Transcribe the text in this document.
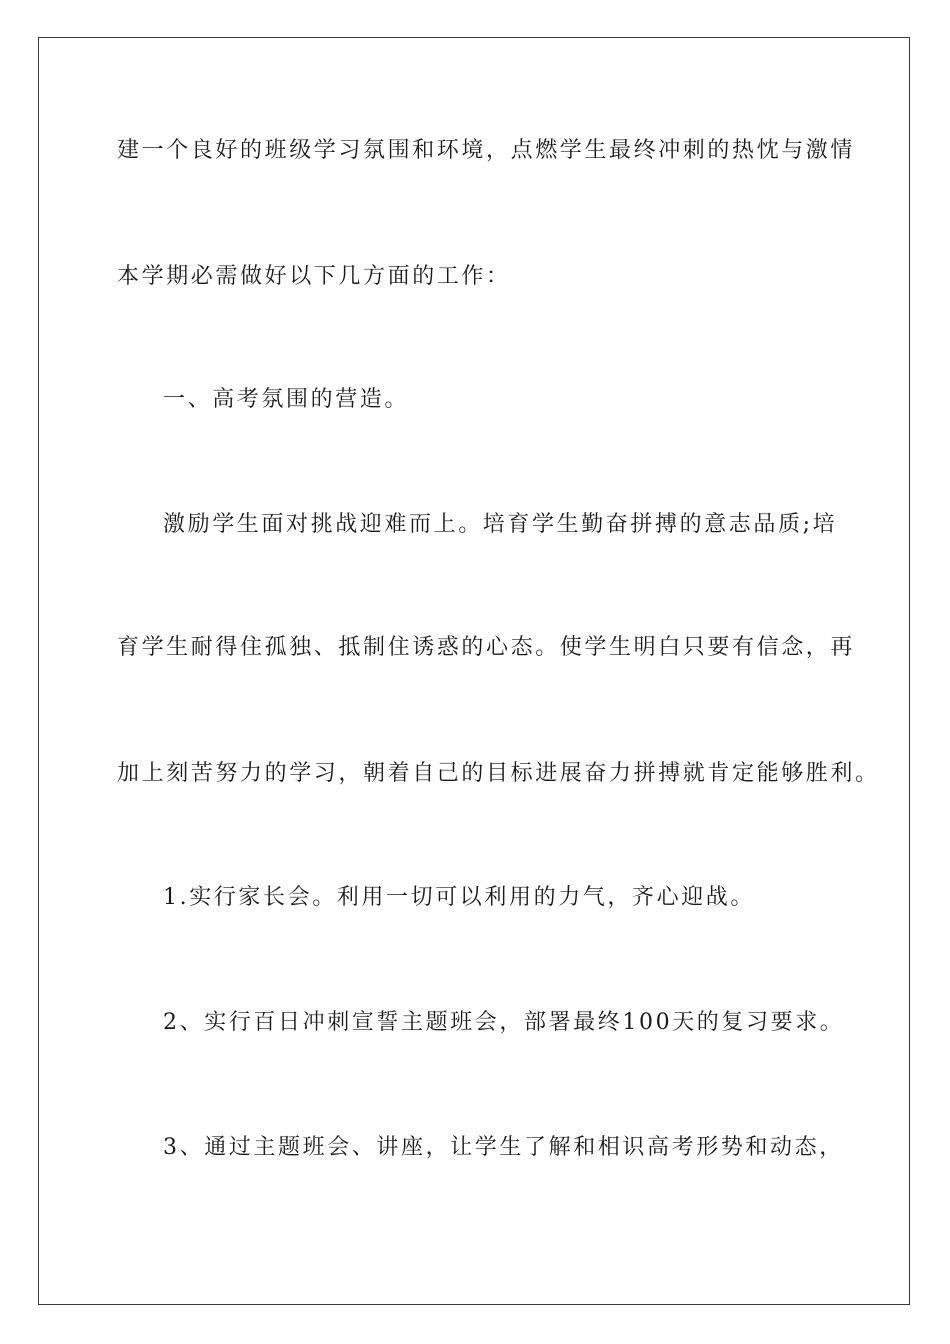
建一个良好的班级学习氛围和环境，点燃学生最终冲刺的热忱与激情

本学期必需做好以下几方面的工作：

一、高考氛围的营造。

激励学生面对挑战迎难而上。培育学生勤奋拼搏的意志品质;培

育学生耐得住孤独、抵制住诱惑的心态。使学生明白只要有信念，再

加上刻苦努力的学习，朝着自己的目标进展奋力拼搏就肯定能够胜利。

1.实行家长会。利用一切可以利用的力气，齐心迎战。

2、实行百日冲刺宣誓主题班会，部署最终100天的复习要求。

3、通过主题班会、讲座，让学生了解和相识高考形势和动态，
